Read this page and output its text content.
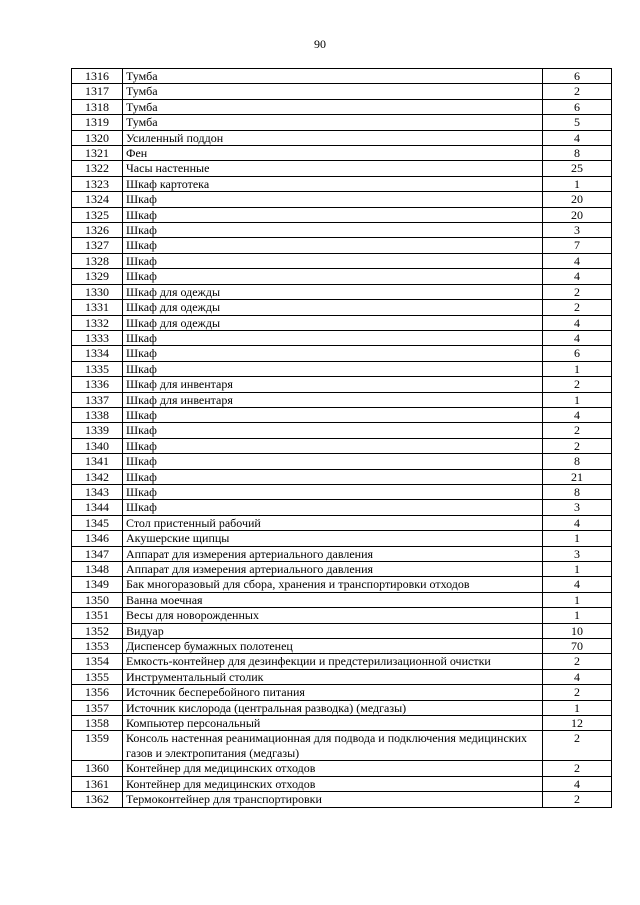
90
1316	Тумба	6
1317	Тумба	2
1318	Тумба	6
1319	Тумба	5
1320	Усиленный поддон	4
1321	Фен	8
1322	Часы настенные	25
1323	Шкаф картотека	1
1324	Шкаф	20
1325	Шкаф	20
1326	Шкаф	3
1327	Шкаф	7
1328	Шкаф	4
1329	Шкаф	4
1330	Шкаф для одежды	2
1331	Шкаф для одежды	2
1332	Шкаф для одежды	4
1333	Шкаф	4
1334	Шкаф	6
1335	Шкаф	1
1336	Шкаф для инвентаря	2
1337	Шкаф для инвентаря	1
1338	Шкаф	4
1339	Шкаф	2
1340	Шкаф	2
1341	Шкаф	8
1342	Шкаф	21
1343	Шкаф	8
1344	Шкаф	3
1345	Стол пристенный рабочий	4
1346	Акушерские щипцы	1
1347	Аппарат для измерения артериального давления	3
1348	Аппарат для измерения артериального давления	1
1349	Бак многоразовый для сбора, хранения и транспортировки отходов	4
1350	Ванна моечная	1
1351	Весы для новорожденных	1
1352	Видуар	10
1353	Диспенсер бумажных полотенец	70
1354	Емкость-контейнер для дезинфекции и предстерилизационной очистки	2
1355	Инструментальный столик	4
1356	Источник бесперебойного питания	2
1357	Источник кислорода (центральная разводка) (медгазы)	1
1358	Компьютер персональный	12
1359	Консоль настенная реанимационная для подвода и подключения медицинских газов и электропитания (медгазы)	2
1360	Контейнер для медицинских отходов	2
1361	Контейнер для медицинских отходов	4
1362	Термоконтейнер для транспортировки	2
